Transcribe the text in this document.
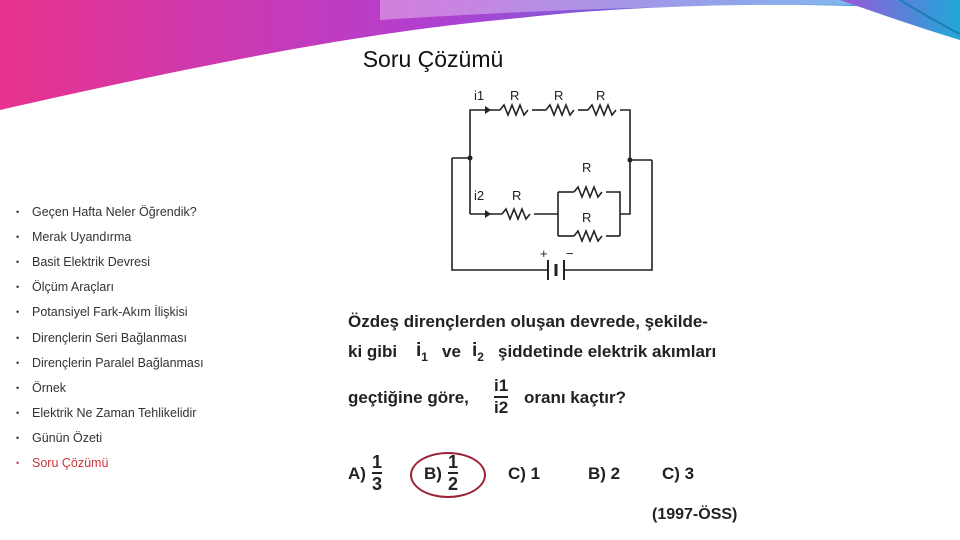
Soru Çözümü
•	Geçen Hafta Neler Öğrendik?
•	Merak Uyandırma
•	Basit Elektrik Devresi
•	Ölçüm Araçları
•	Potansiyel Fark-Akım İlişkisi
•	Dirençlerin Seri Bağlanması
•	Dirençlerin Paralel Bağlanması
•	Örnek
•	Elektrik Ne Zaman Tehlikelidir
•	Günün Özeti
•	Soru Çözümü
R	R	R
R
R
R
i1
i2
+ −
Özdeş dirençlerden oluşan devrede, şekilde-
ki gibi $i_1$ ve $i_2$ şiddetinde elektrik akımları
geçtiğine göre,
i1
i2
oranı kaçtır?
A)
1
3
B)
1
2
C) 1	B) 2 C) 3
(1997-ÖSS)
